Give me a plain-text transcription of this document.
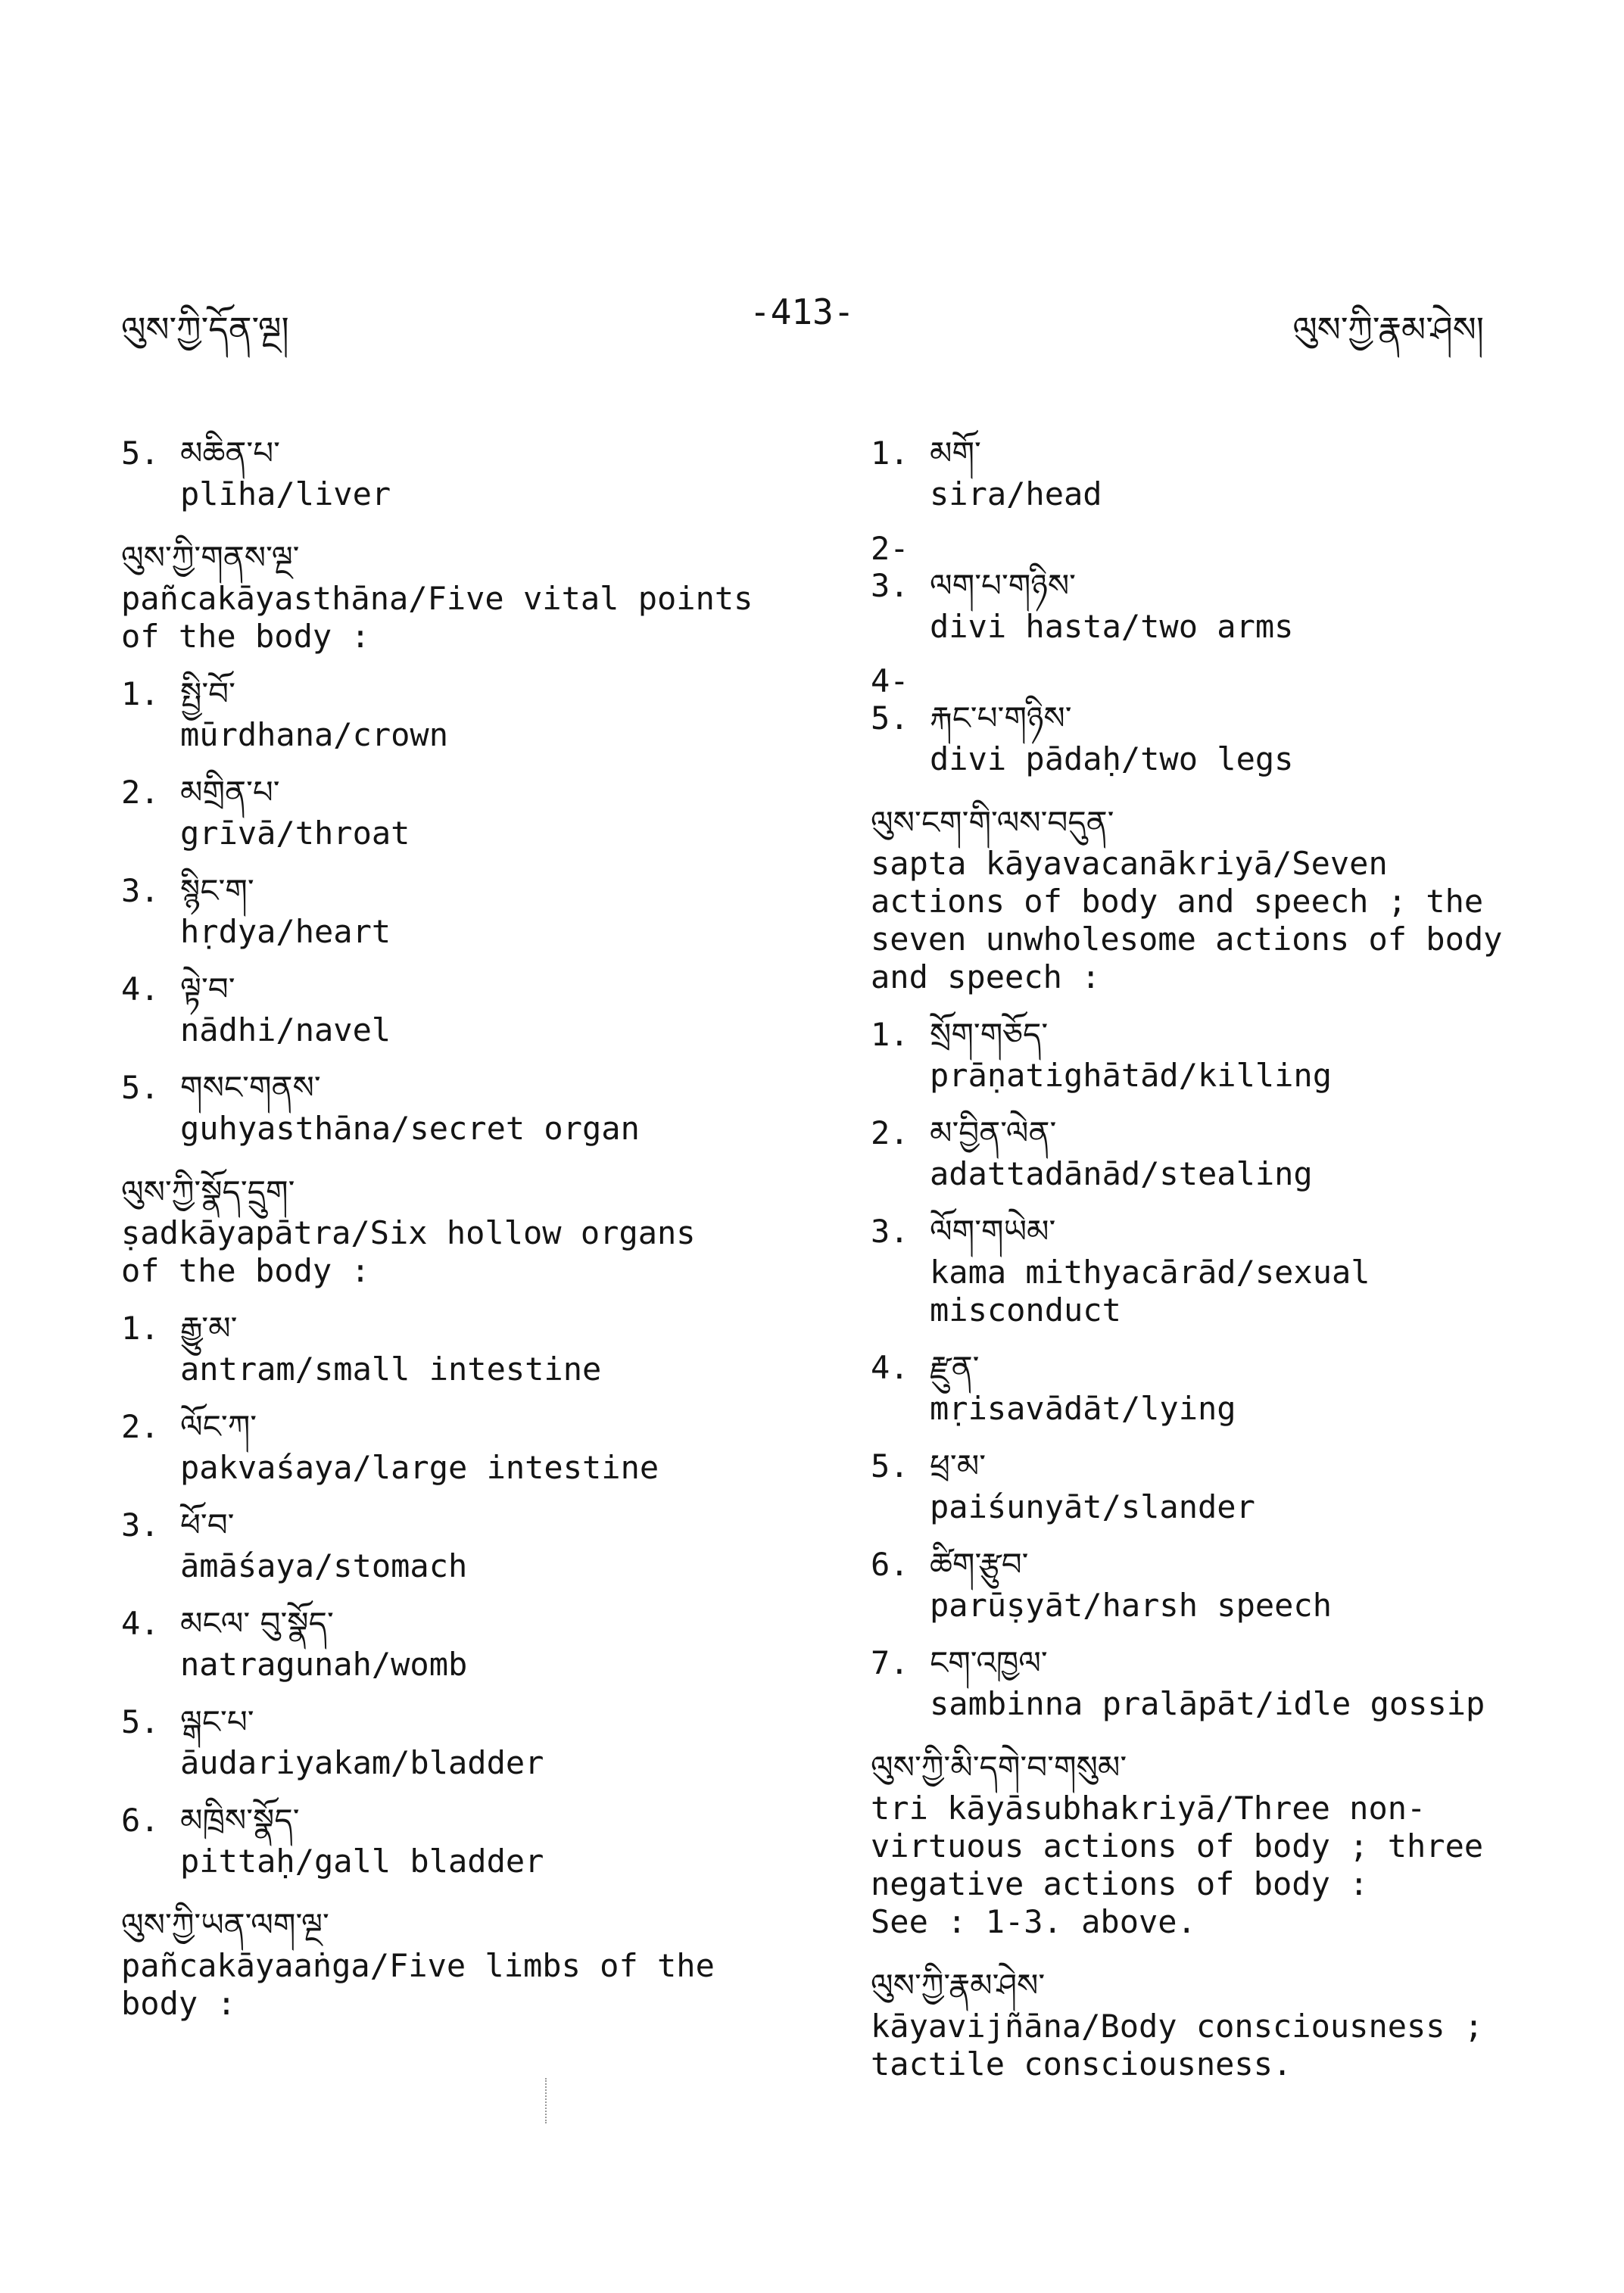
ལུས་ཀྱི་དོན་ལྔ།	-413-	ལུས་ཀྱི་རྣམ་ཤེས།
5. མཆིན་པ་
plīha/liver
ལུས་ཀྱི་གནས་ལྔ་
pañcakāyasthāna/Five vital points
of the body :
1. སྤྱི་བོ་
mūrdhana/crown
2. མགྲིན་པ་
grīvā/throat
3. སྙིང་ག་
hṛdya/heart
4. ལྟེ་བ་
nādhi/navel
5. གསང་གནས་
guhyasthāna/secret organ
ལུས་ཀྱི་སྣོད་དྲུག་
ṣadkāyapātra/Six hollow organs
of the body :
1. རྒྱུ་མ་
antram/small intestine
2. ལོང་ཀ་
pakvaśaya/large intestine
3. ཕོ་བ་
āmāśaya/stomach
4. མངལ་ བུ་སྣོད་
natragunah/womb
5. ལྒང་པ་
āudariyakam/bladder
6. མཁྲིས་སྣོད་
pittaḥ/gall bladder
ལུས་ཀྱི་ཡན་ལག་ལྔ་
pañcakāyaaṅga/Five limbs of the
body :
1. མགོ་
sira/head
2-3. ལག་པ་གཉིས་
divi hasta/two arms
4-5. རྐང་པ་གཉིས་
divi pādaḥ/two legs
ལུས་ངག་གི་ལས་བདུན་
sapta kāyavacanākriyā/Seven
actions of body and speech ; the
seven unwholesome actions of body
and speech :
1. སྲོག་གཅོད་
prāṇatighātād/killing
2. མ་བྱིན་ལེན་
adattadānād/stealing
3. ལོག་གཡེམ་
kama mithyacārād/sexual
misconduct
4. རྫུན་
mṛisavādāt/lying
5. ཕྲ་མ་
paiśunyāt/slander
6. ཚིག་རྩུབ་
parūṣyāt/harsh speech
7. ངག་འཁྱལ་
sambinna pralāpāt/idle gossip
ལུས་ཀྱི་མི་དགེ་བ་གསུམ་
tri kāyāsubhakriyā/Three non-
virtuous actions of body ; three
negative actions of body :
See : 1-3. above.
ལུས་ཀྱི་རྣམ་ཤེས་
kāyavijñāna/Body consciousness ;
tactile consciousness.
